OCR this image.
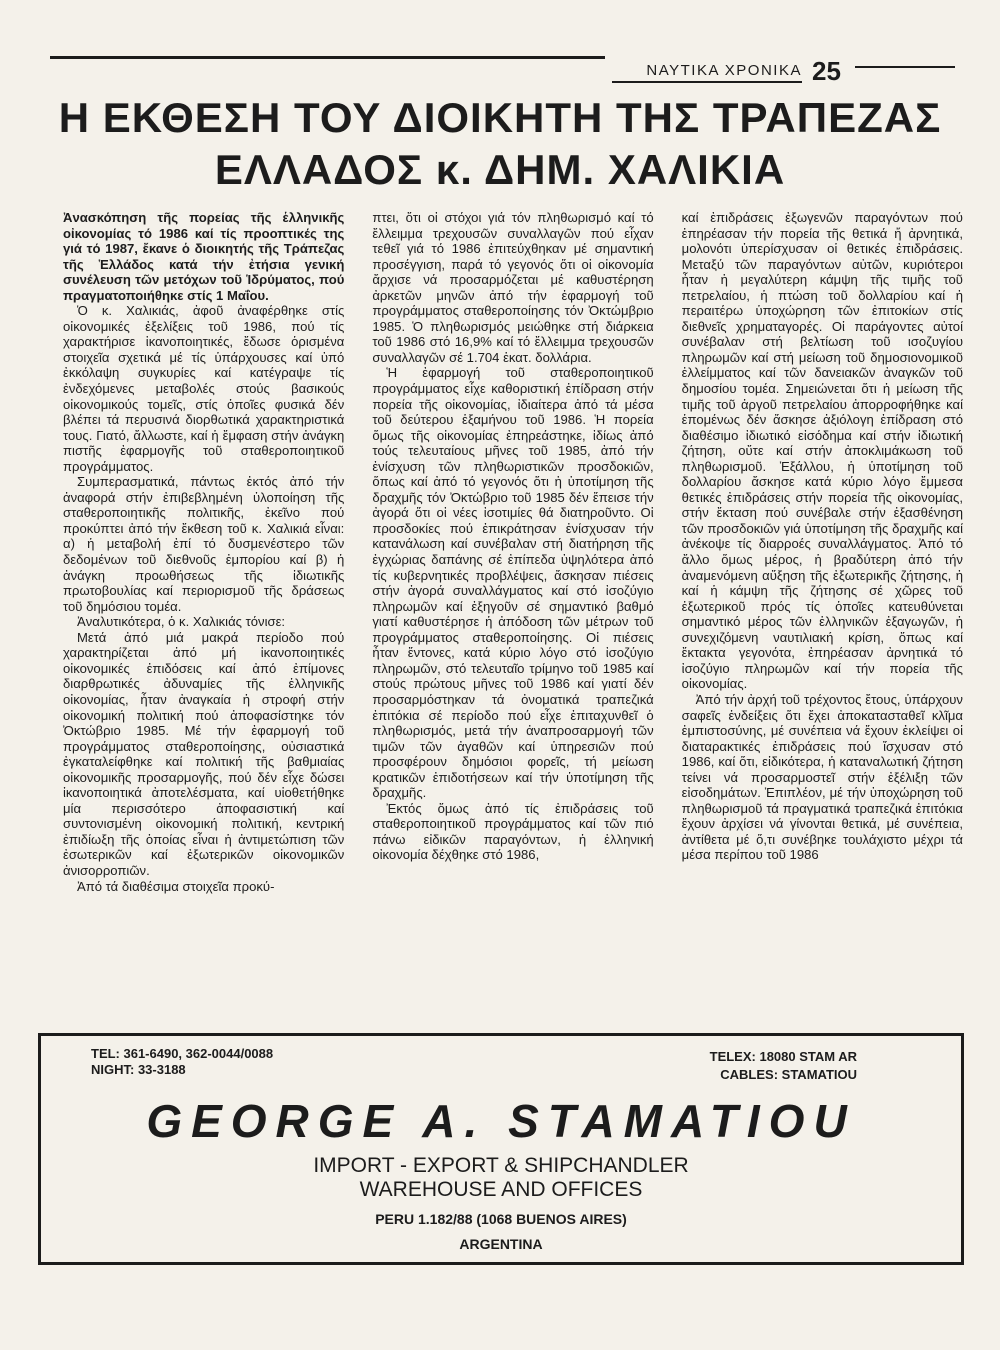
ΝΑΥΤΙΚΑ ΧΡΟΝΙΚΑ 25
Η ΕΚΘΕΣΗ ΤΟΥ ΔΙΟΙΚΗΤΗ ΤΗΣ ΤΡΑΠΕΖΑΣ
ΕΛΛΑΔΟΣ κ. ΔΗΜ. ΧΑΛΙΚΙΑ

Ἀνασκόπηση τῆς πορείας τῆς ἑλληνικῆς οἰκονομίας τό 1986 καί τίς προοπτικές της γιά τό 1987, ἔκανε ὁ διοικητής τῆς Τράπεζας τῆς Ἑλλάδος κατά τήν ἐτήσια γενική συνέλευση τῶν μετόχων τοῦ Ἱδρύματος, πού πραγματοποιήθηκε στίς 1 Μαΐου.

Ὁ κ. Χαλικιάς, ἀφοῦ ἀναφέρθηκε στίς οἰκονομικές ἐξελίξεις τοῦ 1986, πού τίς χαρακτήρισε ἱκανοποιητικές, ἔδωσε ὁρισμένα στοιχεῖα σχετικά μέ τίς ὑπάρχουσες καί ὑπό ἐκκόλαψη συγκυρίες καί κατέγραψε τίς ἐνδεχόμενες μεταβολές στούς βασικούς οἰκονομικούς τομεῖς, στίς ὁποῖες φυσικά δέν βλέπει τά περυσινά διορθωτικά χαρακτηριστικά τους. Γιατό, ἄλλωστε, καί ἡ ἔμφαση στήν ἀνάγκη πιστῆς ἐφαρμογῆς τοῦ σταθεροποιητικοῦ προγράμματος.

Συμπερασματικά, πάντως ἐκτός ἀπό τήν ἀναφορά στήν ἐπιβεβλημένη ὑλοποίηση τῆς σταθεροποιητικῆς πολιτικῆς, ἐκεῖνο πού προκύπτει ἀπό τήν ἔκθεση τοῦ κ. Χαλικιά εἶναι: α) ἡ μεταβολή ἐπί τό δυσμενέστερο τῶν δεδομένων τοῦ διεθνοῦς ἐμπορίου καί β) ἡ ἀνάγκη προωθήσεως τῆς ἰδιωτικῆς πρωτοβουλίας καί περιορισμοῦ τῆς δράσεως τοῦ δημόσιου τομέα.

Ἀναλυτικότερα, ὁ κ. Χαλικιάς τόνισε:

Μετά ἀπό μιά μακρά περίοδο πού χαρακτηρίζεται ἀπό μή ἱκανοποιητικές οἰκονομικές ἐπιδόσεις καί ἀπό ἐπίμονες διαρθρωτικές ἀδυναμίες τῆς ἑλληνικῆς οἰκονομίας, ἦταν ἀναγκαία ἡ στροφή στήν οἰκονομική πολιτική πού ἀποφασίστηκε τόν Ὀκτώβριο 1985. Μέ τήν ἐφαρμογή τοῦ προγράμματος σταθεροποίησης, οὐσιαστικά ἐγκαταλείφθηκε καί πολιτική τῆς βαθμιαίας οἰκονομικῆς προσαρμογῆς, πού δέν εἶχε δώσει ἱκανοποιητικά ἀποτελέσματα, καί υἱοθετήθηκε μία περισσότερο ἀποφασιστική καί συντονισμένη οἰκονομική πολιτική, κεντρική ἐπιδίωξη τῆς ὁποίας εἶναι ἡ ἀντιμετώπιση τῶν ἐσωτερικῶν καί ἐξωτερικῶν οἰκονομικῶν ἀνισορροπιῶν.

Ἀπό τά διαθέσιμα στοιχεῖα προκύ-

πτει, ὅτι οἱ στόχοι γιά τόν πληθωρισμό καί τό ἔλλειμμα τρεχουσῶν συναλλαγῶν πού εἶχαν τεθεῖ γιά τό 1986 ἐπιτεύχθηκαν μέ σημαντική προσέγγιση, παρά τό γεγονός ὅτι οἱ οἰκονομία ἄρχισε νά προσαρμόζεται μέ καθυστέρηση ἀρκετῶν μηνῶν ἀπό τήν ἐφαρμογή τοῦ προγράμματος σταθεροποίησης τόν Ὀκτώμβριο 1985. Ὁ πληθωρισμός μειώθηκε στή διάρκεια τοῦ 1986 στό 16,9% καί τό ἔλλειμμα τρεχουσῶν συναλλαγῶν σέ 1.704 ἑκατ. δολλάρια.

Ἡ ἐφαρμογή τοῦ σταθεροποιητικοῦ προγράμματος εἶχε καθοριστική ἐπίδραση στήν πορεία τῆς οἰκονομίας, ἰδιαίτερα ἀπό τά μέσα τοῦ δεύτερου ἑξαμήνου τοῦ 1986. Ἡ πορεία ὅμως τῆς οἰκονομίας ἐπηρεάστηκε, ἰδίως ἀπό τούς τελευταίους μῆνες τοῦ 1985, ἀπό τήν ἐνίσχυση τῶν πληθωριστικῶν προσδοκιῶν, ὅπως καί ἀπό τό γεγονός ὅτι ἡ ὑποτίμηση τῆς δραχμῆς τόν Ὀκτώβριο τοῦ 1985 δέν ἔπεισε τήν ἀγορά ὅτι οἱ νέες ἰσοτιμίες θά διατηροῦντο. Οἱ προσδοκίες πού ἐπικράτησαν ἐνίσχυσαν τήν κατανάλωση καί συνέβαλαν στή διατήρηση τῆς ἐγχώριας δαπάνης σέ ἐπίπεδα ὑψηλότερα ἀπό τίς κυβερνητικές προβλέψεις, ἄσκησαν πιέσεις στήν ἀγορά συναλλάγματος καί στό ἰσοζύγιο πληρωμῶν καί ἐξηγοῦν σέ σημαντικό βαθμό γιατί καθυστέρησε ἡ ἀπόδοση τῶν μέτρων τοῦ προγράμματος σταθεροποίησης. Οἱ πιέσεις ἦταν ἔντονες, κατά κύριο λόγο στό ἰσοζύγιο πληρωμῶν, στό τελευταῖο τρίμηνο τοῦ 1985 καί στούς πρώτους μῆνες τοῦ 1986 καί γιατί δέν προσαρμόστηκαν τά ὀνοματικά τραπεζικά ἐπιτόκια σέ περίοδο πού εἶχε ἐπιταχυνθεῖ ὁ πληθωρισμός, μετά τήν ἀναπροσαρμογή τῶν τιμῶν τῶν ἀγαθῶν καί ὑπηρεσιῶν πού προσφέρουν δημόσιοι φορεῖς, τή μείωση κρατικῶν ἐπιδοτήσεων καί τήν ὑποτίμηση τῆς δραχμῆς.

Ἐκτός ὅμως ἀπό τίς ἐπιδράσεις τοῦ σταθεροποιητικοῦ προγράμματος καί τῶν πιό πάνω εἰδικῶν παραγόντων, ἡ ἑλληνική οἰκονομία δέχθηκε στό 1986,

καί ἐπιδράσεις ἐξωγενῶν παραγόντων πού ἐπηρέασαν τήν πορεία τῆς θετικά ἤ ἀρνητικά, μολονότι ὑπερίσχυσαν οἱ θετικές ἐπιδράσεις. Μεταξύ τῶν παραγόντων αὐτῶν, κυριότεροι ἦταν ἡ μεγαλύτερη κάμψη τῆς τιμῆς τοῦ πετρελαίου, ἡ πτώση τοῦ δολλαρίου καί ἡ περαιτέρω ὑποχώρηση τῶν ἐπιτοκίων στίς διεθνεῖς χρηματαγορές. Οἱ παράγοντες αὐτοί συνέβαλαν στή βελτίωση τοῦ ισοζυγίου πληρωμῶν καί στή μείωση τοῦ δημοσιονομικοῦ ἐλλείμματος καί τῶν δανειακῶν ἀναγκῶν τοῦ δημοσίου τομέα. Σημειώνεται ὅτι ἡ μείωση τῆς τιμῆς τοῦ ἀργοῦ πετρελαίου ἀπορροφήθηκε καί ἑπομένως δέν ἄσκησε ἀξιόλογη ἐπίδραση στό διαθέσιμο ἰδιωτικό εἰσόδημα καί στήν ἰδιωτική ζήτηση, οὔτε καί στήν ἀποκλιμάκωση τοῦ πληθωρισμοῦ. Ἐξάλλου, ἡ ὑποτίμηση τοῦ δολλαρίου ἄσκησε κατά κύριο λόγο ἔμμεσα θετικές ἐπιδράσεις στήν πορεία τῆς οἰκονομίας, στήν ἔκταση πού συνέβαλε στήν ἐξασθένηση τῶν προσδοκιῶν γιά ὑποτίμηση τῆς δραχμῆς καί ἀνέκοψε τίς διαρροές συναλλάγματος. Ἀπό τό ἄλλο ὅμως μέρος, ἡ βραδύτερη ἀπό τήν ἀναμενόμενη αὔξηση τῆς ἐξωτερικῆς ζήτησης, ἡ καί ἡ κάμψη τῆς ζήτησης σέ χῶρες τοῦ ἐξωτερικοῦ πρός τίς ὁποῖες κατευθύνεται σημαντικό μέρος τῶν ἑλληνικῶν ἐξαγωγῶν, ἡ συνεχιζόμενη ναυτιλιακή κρίση, ὅπως καί ἔκτακτα γεγονότα, ἐπηρέασαν ἀρνητικά τό ἰσοζύγιο πληρωμῶν καί τήν πορεία τῆς οἰκονομίας.

Ἀπό τήν ἀρχή τοῦ τρέχοντος ἔτους, ὑπάρχουν σαφεῖς ἐνδείξεις ὅτι ἔχει ἀποκατασταθεῖ κλῖμα ἐμπιστοσύνης, μέ συνέπεια νά ἔχουν ἐκλείψει οἱ διαταρακτικές ἐπιδράσεις πού ἴσχυσαν στό 1986, καί ὅτι, εἰδικότερα, ἡ καταναλωτική ζήτηση τείνει νά προσαρμοστεῖ στήν ἐξέλιξη τῶν εἰσοδημάτων. Ἐπιπλέον, μέ τήν ὑποχώρηση τοῦ πληθωρισμοῦ τά πραγματικά τραπεζικά ἐπιτόκια ἔχουν ἀρχίσει νά γίνονται θετικά, μέ συνέπεια, ἀντίθετα μέ ὅ,τι συνέβηκε τουλάχιστο μέχρι τά μέσα περίπου τοῦ 1986

TEL: 361-6490, 362-0044/0088
NIGHT: 33-3188
TELEX: 18080 STAM AR
CABLES: STAMATIOU
GEORGE A. STAMATIOU
IMPORT - EXPORT & SHIPCHANDLER
WAREHOUSE AND OFFICES
PERU 1.182/88 (1068 BUENOS AIRES)
ARGENTINA
